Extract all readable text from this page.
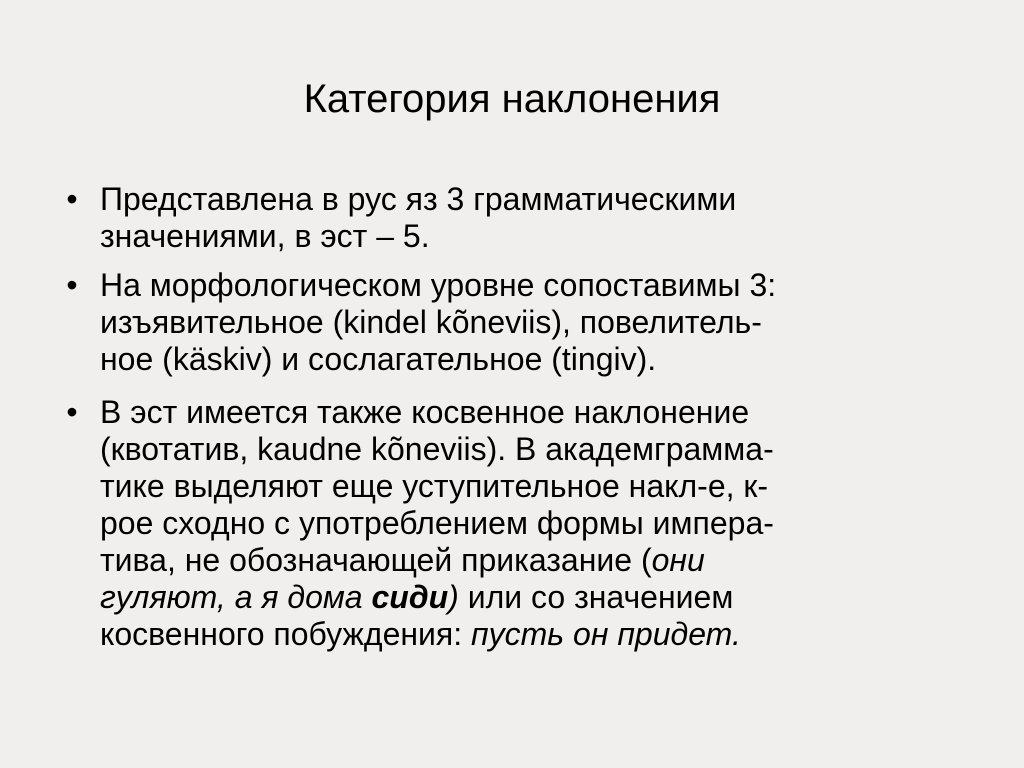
Категория наклонения
• Представлена в рус яз 3 грамматическими
значениями, в эст – 5.
• На морфологическом уровне сопоставимы 3:
изъявительное (kindel kõneviis), повелитель-
ное (käskiv) и сослагательное (tingiv).
• В эст имеется также косвенное наклонение
(квотатив, kaudne kõneviis). В академграмма-
тике выделяют еще уступительное накл-е, к-
рое сходно с употреблением формы импера-
тива, не обозначающей приказание (они
гуляют, а я дома сиди) или со значением
косвенного побуждения: пусть он придет.
